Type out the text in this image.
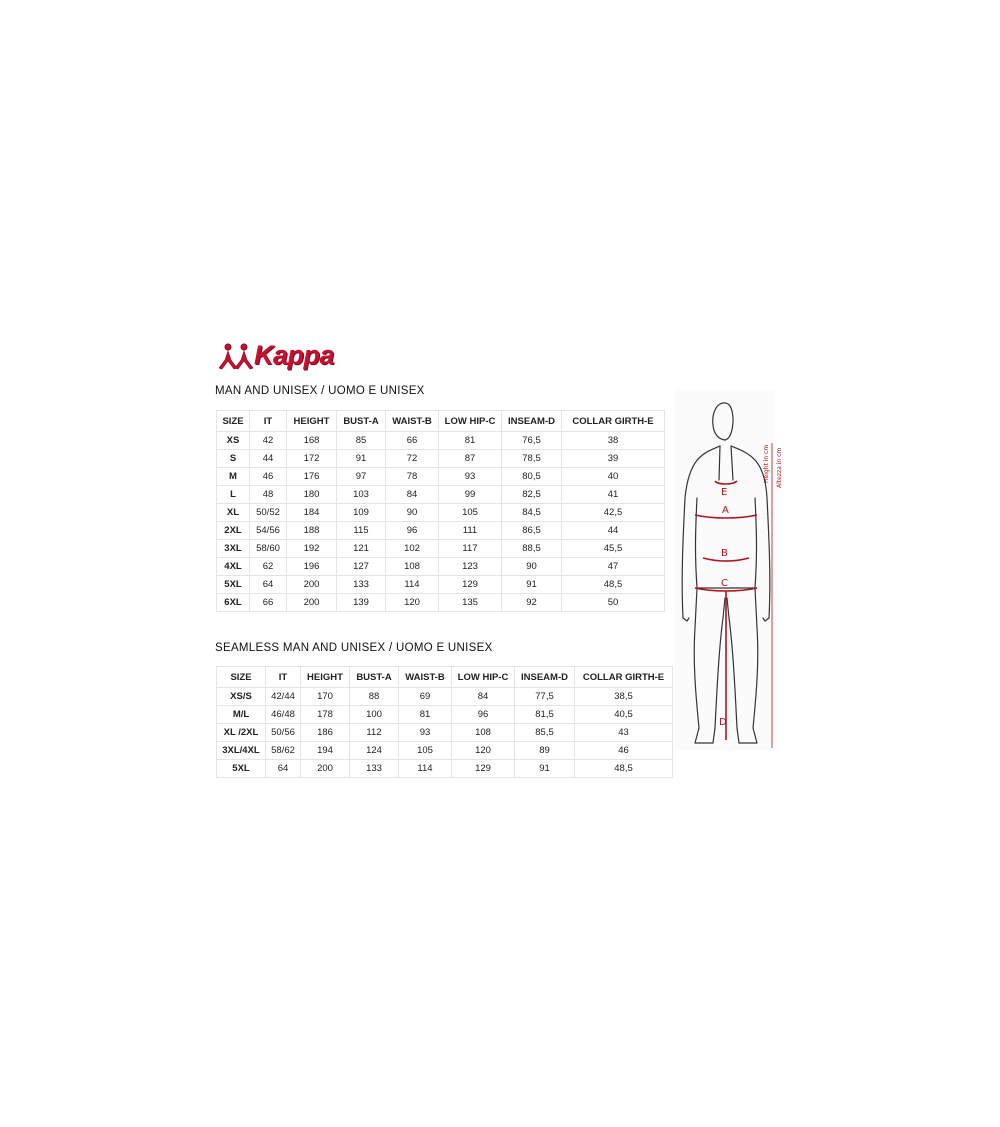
Kappa
MAN AND UNISEX / UOMO E UNISEX
SIZE	IT	HEIGHT	BUST-A	WAIST-B	LOW HIP-C	INSEAM-D	COLLAR GIRTH-E
XS	42	168	85	66	81	76,5	38
S	44	172	91	72	87	78,5	39
M	46	176	97	78	93	80,5	40
L	48	180	103	84	99	82,5	41
XL	50/52	184	109	90	105	84,5	42,5
2XL	54/56	188	115	96	111	86,5	44
3XL	58/60	192	121	102	117	88,5	45,5
4XL	62	196	127	108	123	90	47
5XL	64	200	133	114	129	91	48,5
6XL	66	200	139	120	135	92	50
SEAMLESS MAN AND UNISEX / UOMO E UNISEX
SIZE	IT	HEIGHT	BUST-A	WAIST-B	LOW HIP-C	INSEAM-D	COLLAR GIRTH-E
XS/S	42/44	170	88	69	84	77,5	38,5
M/L	46/48	178	100	81	96	81,5	40,5
XL /2XL	50/56	186	112	93	108	85,5	43
3XL/4XL	58/62	194	124	105	120	89	46
5XL	64	200	133	114	129	91	48,5
E
A
B
C
D
Height in cm Altezza in cm
